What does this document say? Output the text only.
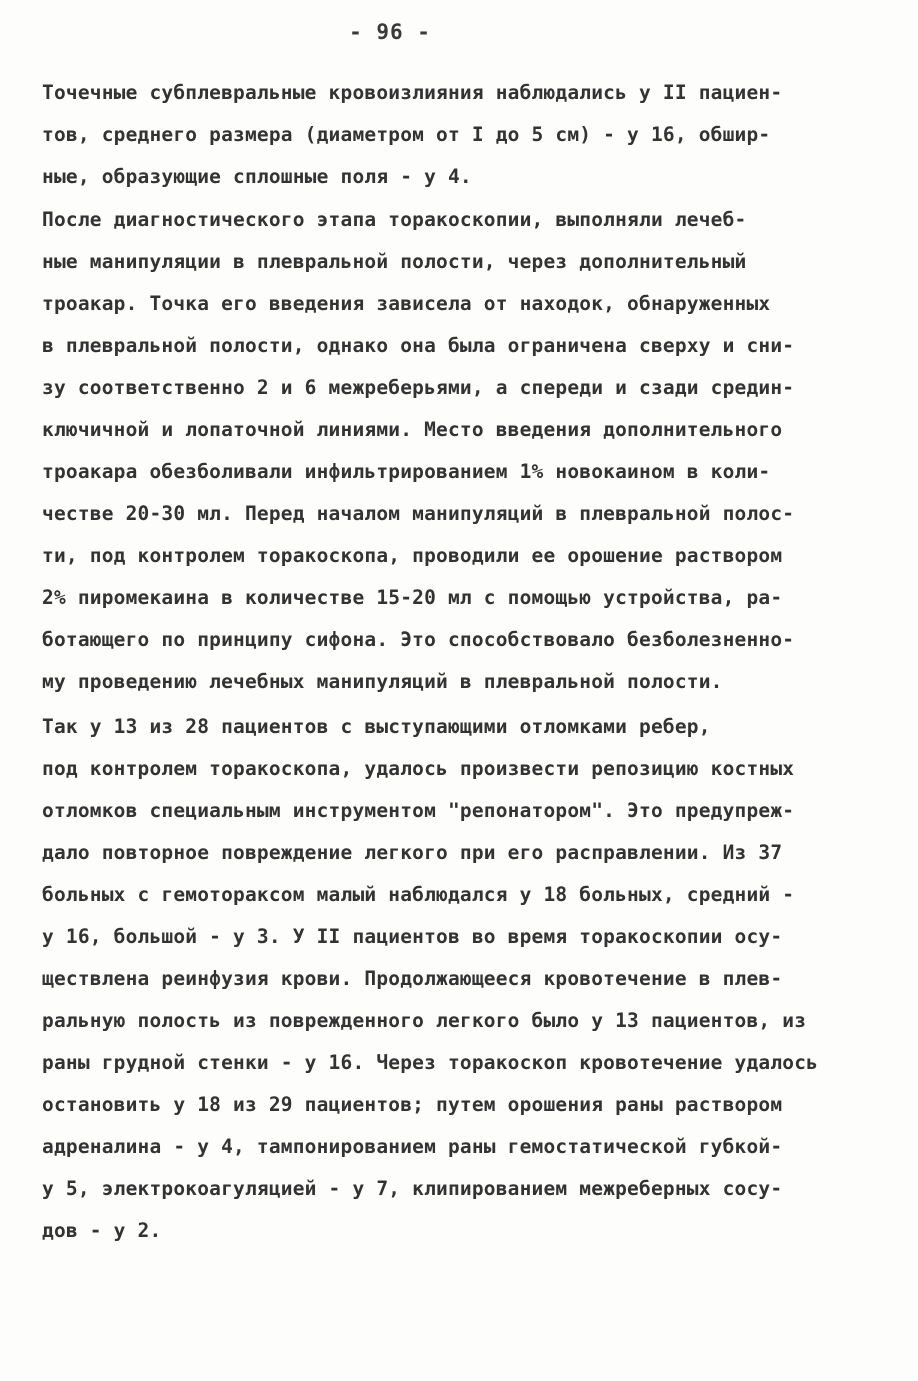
- 96 -
Точечные субплевральные кровоизлияния наблюдались у II пациен-
тов, среднего размера (диаметром от I до 5 см) - у 16, обшир-
ные, образующие сплошные поля - у 4.
После диагностического этапа торакоскопии, выполняли лечеб-
ные манипуляции в плевральной полости, через дополнительный
троакар. Точка его введения зависела от находок, обнаруженных
в плевральной полости, однако она была ограничена сверху и сни-
зу соответственно 2 и 6 межреберьями, а спереди и сзади средин-
ключичной и лопаточной линиями. Место введения дополнительного
троакара обезболивали инфильтрированием 1% новокаином в коли-
честве 20-30 мл. Перед началом манипуляций в плевральной полос-
ти, под контролем торакоскопа, проводили ее орошение раствором
2% пиромекаина в количестве 15-20 мл с помощью устройства, ра-
ботающего по принципу сифона. Это способствовало безболезненно-
му проведению лечебных манипуляций в плевральной полости.
Так у 13 из 28 пациентов с выступающими отломками ребер,
под контролем торакоскопа, удалось произвести репозицию костных
отломков специальным инструментом "репонатором". Это предупреж-
дало повторное повреждение легкого при его расправлении. Из 37
больных с гемотораксом малый наблюдался у 18 больных, средний -
у 16, большой - у 3. У II пациентов во время торакоскопии осу-
ществлена реинфузия крови. Продолжающееся кровотечение в плев-
ральную полость из поврежденного легкого было у 13 пациентов, из
раны грудной стенки - у 16. Через торакоскоп кровотечение удалось
остановить у 18 из 29 пациентов; путем орошения раны раствором
адреналина - у 4, тампонированием раны гемостатической губкой-
у 5, электрокоагуляцией - у 7, клипированием межреберных сосу-
дов - у 2.
